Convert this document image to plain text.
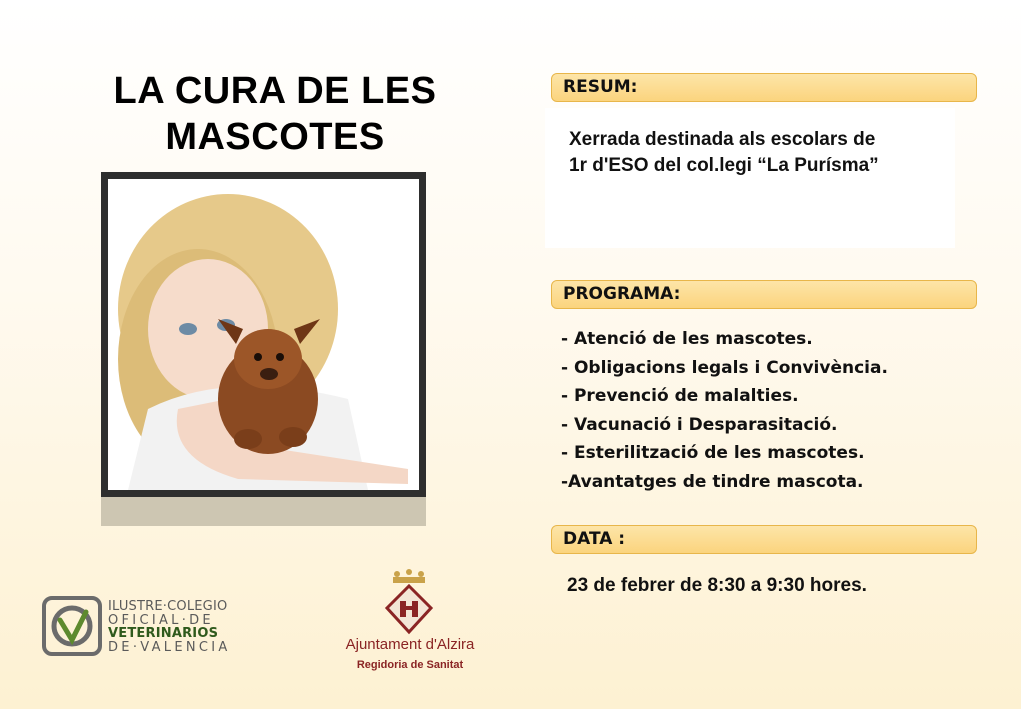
LA CURA DE LES
MASCOTES
RESUM:
Xerrada destinada als escolars de
1r d'ESO del col.legi “La Purísma”
PROGRAMA:
- Atenció de les mascotes.
- Obligacions legals i Convivència.
- Prevenció de malalties.
- Vacunació i Desparasitació.
- Esterilització de les mascotes.
-Avantatges de tindre mascota.
DATA :
23 de febrer de 8:30 a 9:30 hores.
ILUSTRE·COLEGIO
OFICIAL·DE
VETERINARIOS
DE·VALENCIA	Ajuntament d'Alzira
Regidoria de Sanitat
